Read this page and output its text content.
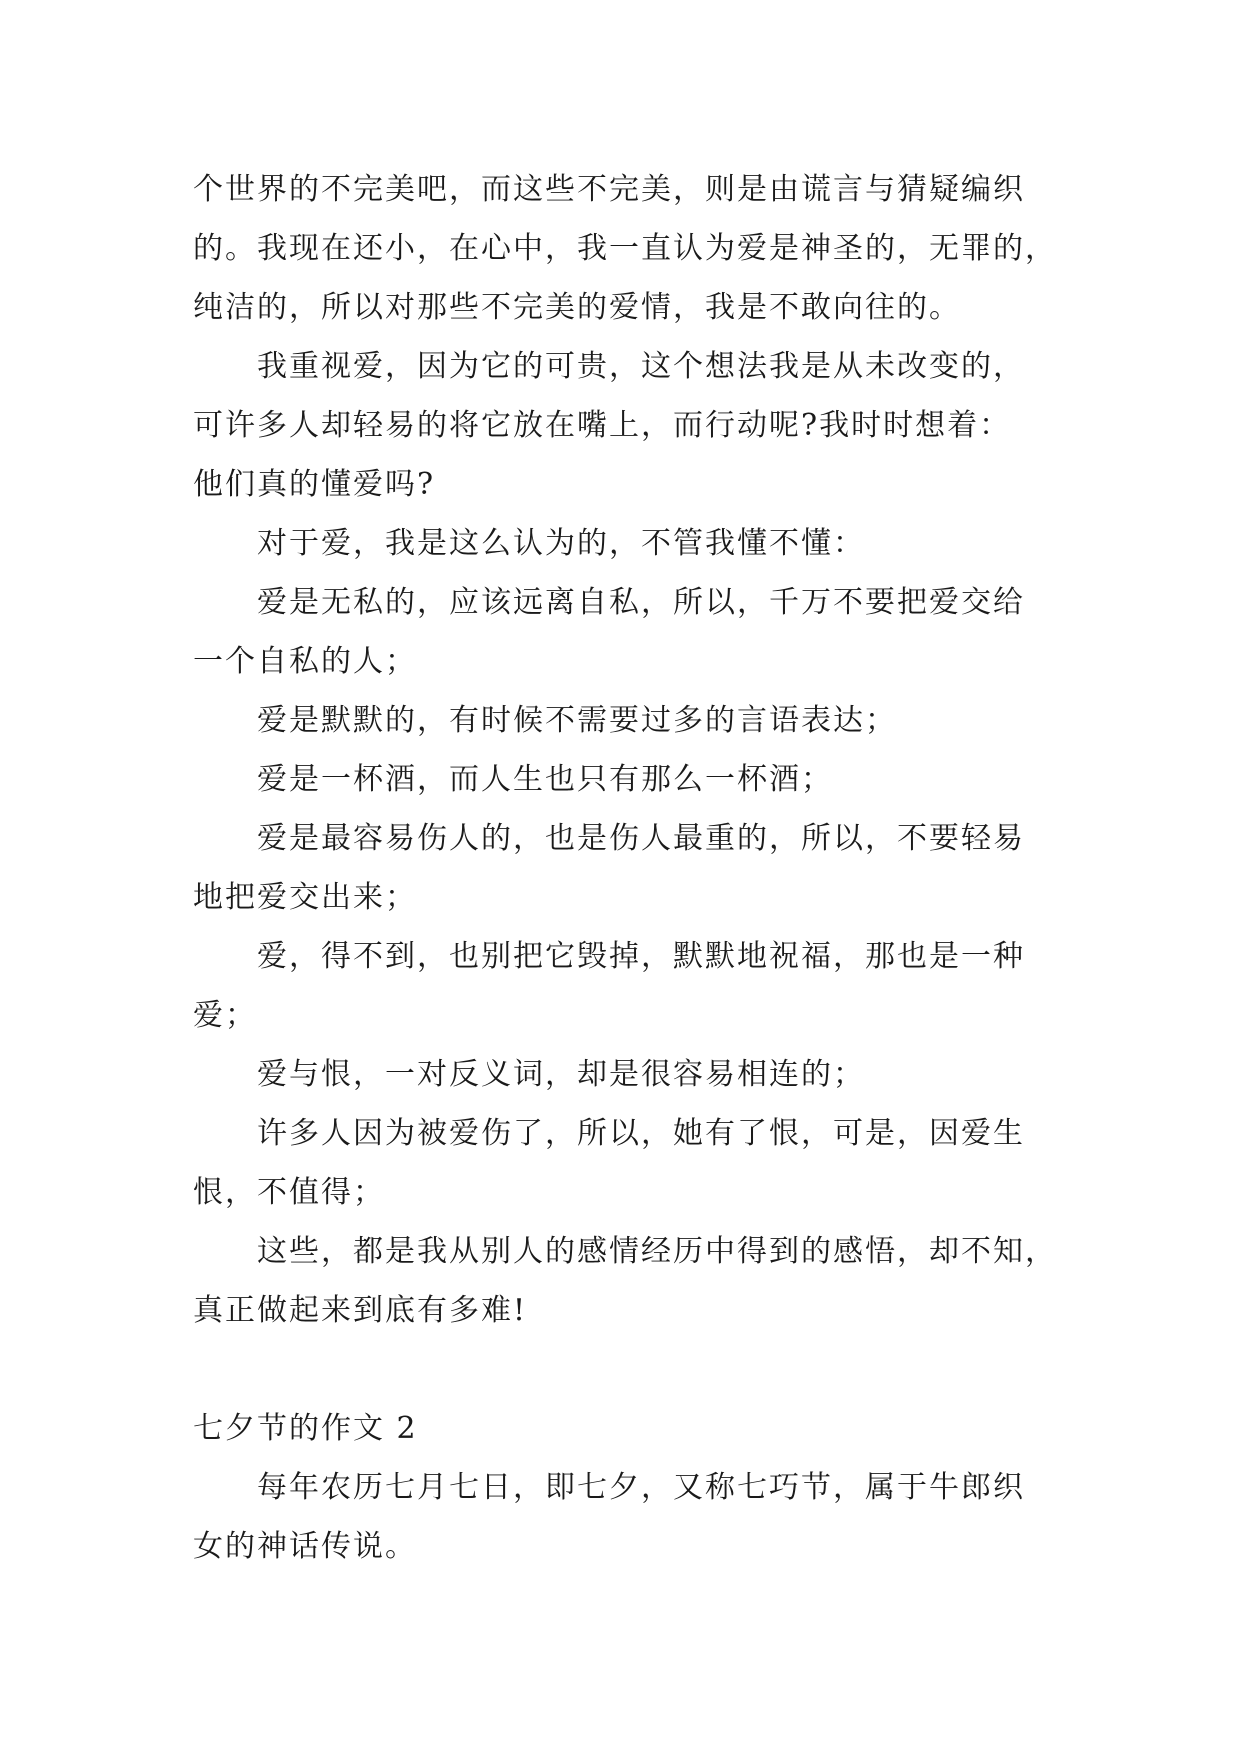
个世界的不完美吧，而这些不完美，则是由谎言与猜疑编织
的。我现在还小，在心中，我一直认为爱是神圣的，无罪的，
纯洁的，所以对那些不完美的爱情，我是不敢向往的。
我重视爱，因为它的可贵，这个想法我是从未改变的，
可许多人却轻易的将它放在嘴上，而行动呢?我时时想着：
他们真的懂爱吗?
对于爱，我是这么认为的，不管我懂不懂：
爱是无私的，应该远离自私，所以，千万不要把爱交给
一个自私的人；
爱是默默的，有时候不需要过多的言语表达；
爱是一杯酒，而人生也只有那么一杯酒；
爱是最容易伤人的，也是伤人最重的，所以，不要轻易
地把爱交出来；
爱，得不到，也别把它毁掉，默默地祝福，那也是一种
爱；
爱与恨，一对反义词，却是很容易相连的；
许多人因为被爱伤了，所以，她有了恨，可是，因爱生
恨，不值得；
这些，都是我从别人的感情经历中得到的感悟，却不知，
真正做起来到底有多难!
七夕节的作文 2
每年农历七月七日，即七夕，又称七巧节，属于牛郎织
女的神话传说。
